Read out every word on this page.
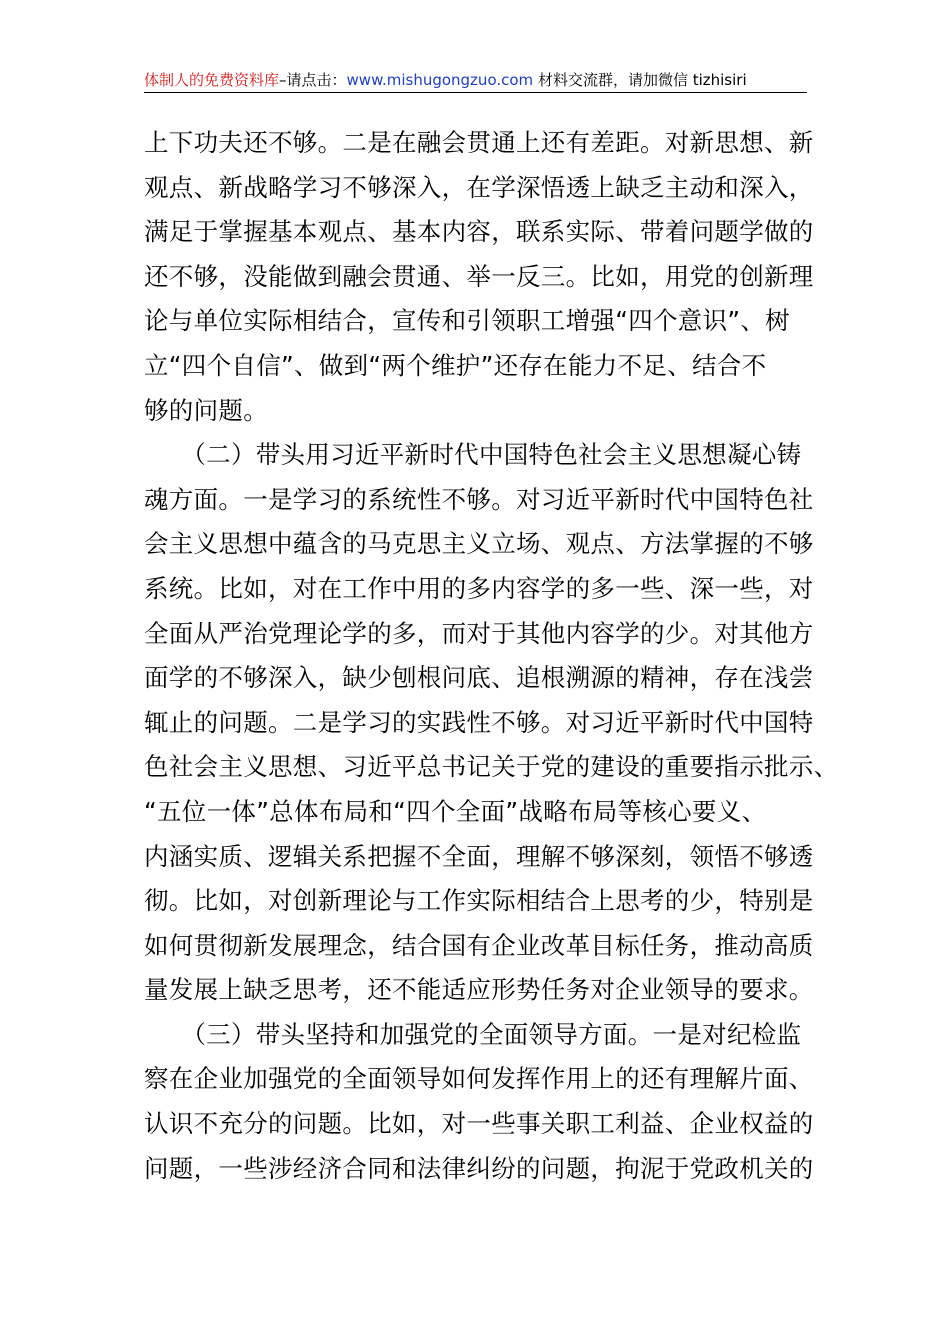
体制人的免费资料库–请点击：www.mishugongzuo.com 材料交流群，请加微信 tizhisiri
上下功夫还不够。二是在融会贯通上还有差距。对新思想、新
观点、新战略学习不够深入，在学深悟透上缺乏主动和深入，
满足于掌握基本观点、基本内容，联系实际、带着问题学做的
还不够，没能做到融会贯通、举一反三。比如，用党的创新理
论与单位实际相结合，宣传和引领职工增强“四个意识”、树
立“四个自信”、做到“两个维护”还存在能力不足、结合不
够的问题。
　　（二）带头用习近平新时代中国特色社会主义思想凝心铸
魂方面。一是学习的系统性不够。对习近平新时代中国特色社
会主义思想中蕴含的马克思主义立场、观点、方法掌握的不够
系统。比如，对在工作中用的多内容学的多一些、深一些，对
全面从严治党理论学的多，而对于其他内容学的少。对其他方
面学的不够深入，缺少刨根问底、追根溯源的精神，存在浅尝
辄止的问题。二是学习的实践性不够。对习近平新时代中国特
色社会主义思想、习近平总书记关于党的建设的重要指示批示、
“五位一体”总体布局和“四个全面”战略布局等核心要义、
内涵实质、逻辑关系把握不全面，理解不够深刻，领悟不够透
彻。比如，对创新理论与工作实际相结合上思考的少，特别是
如何贯彻新发展理念，结合国有企业改革目标任务，推动高质
量发展上缺乏思考，还不能适应形势任务对企业领导的要求。
　　（三）带头坚持和加强党的全面领导方面。一是对纪检监
察在企业加强党的全面领导如何发挥作用上的还有理解片面、
认识不充分的问题。比如，对一些事关职工利益、企业权益的
问题，一些涉经济合同和法律纠纷的问题，拘泥于党政机关的
